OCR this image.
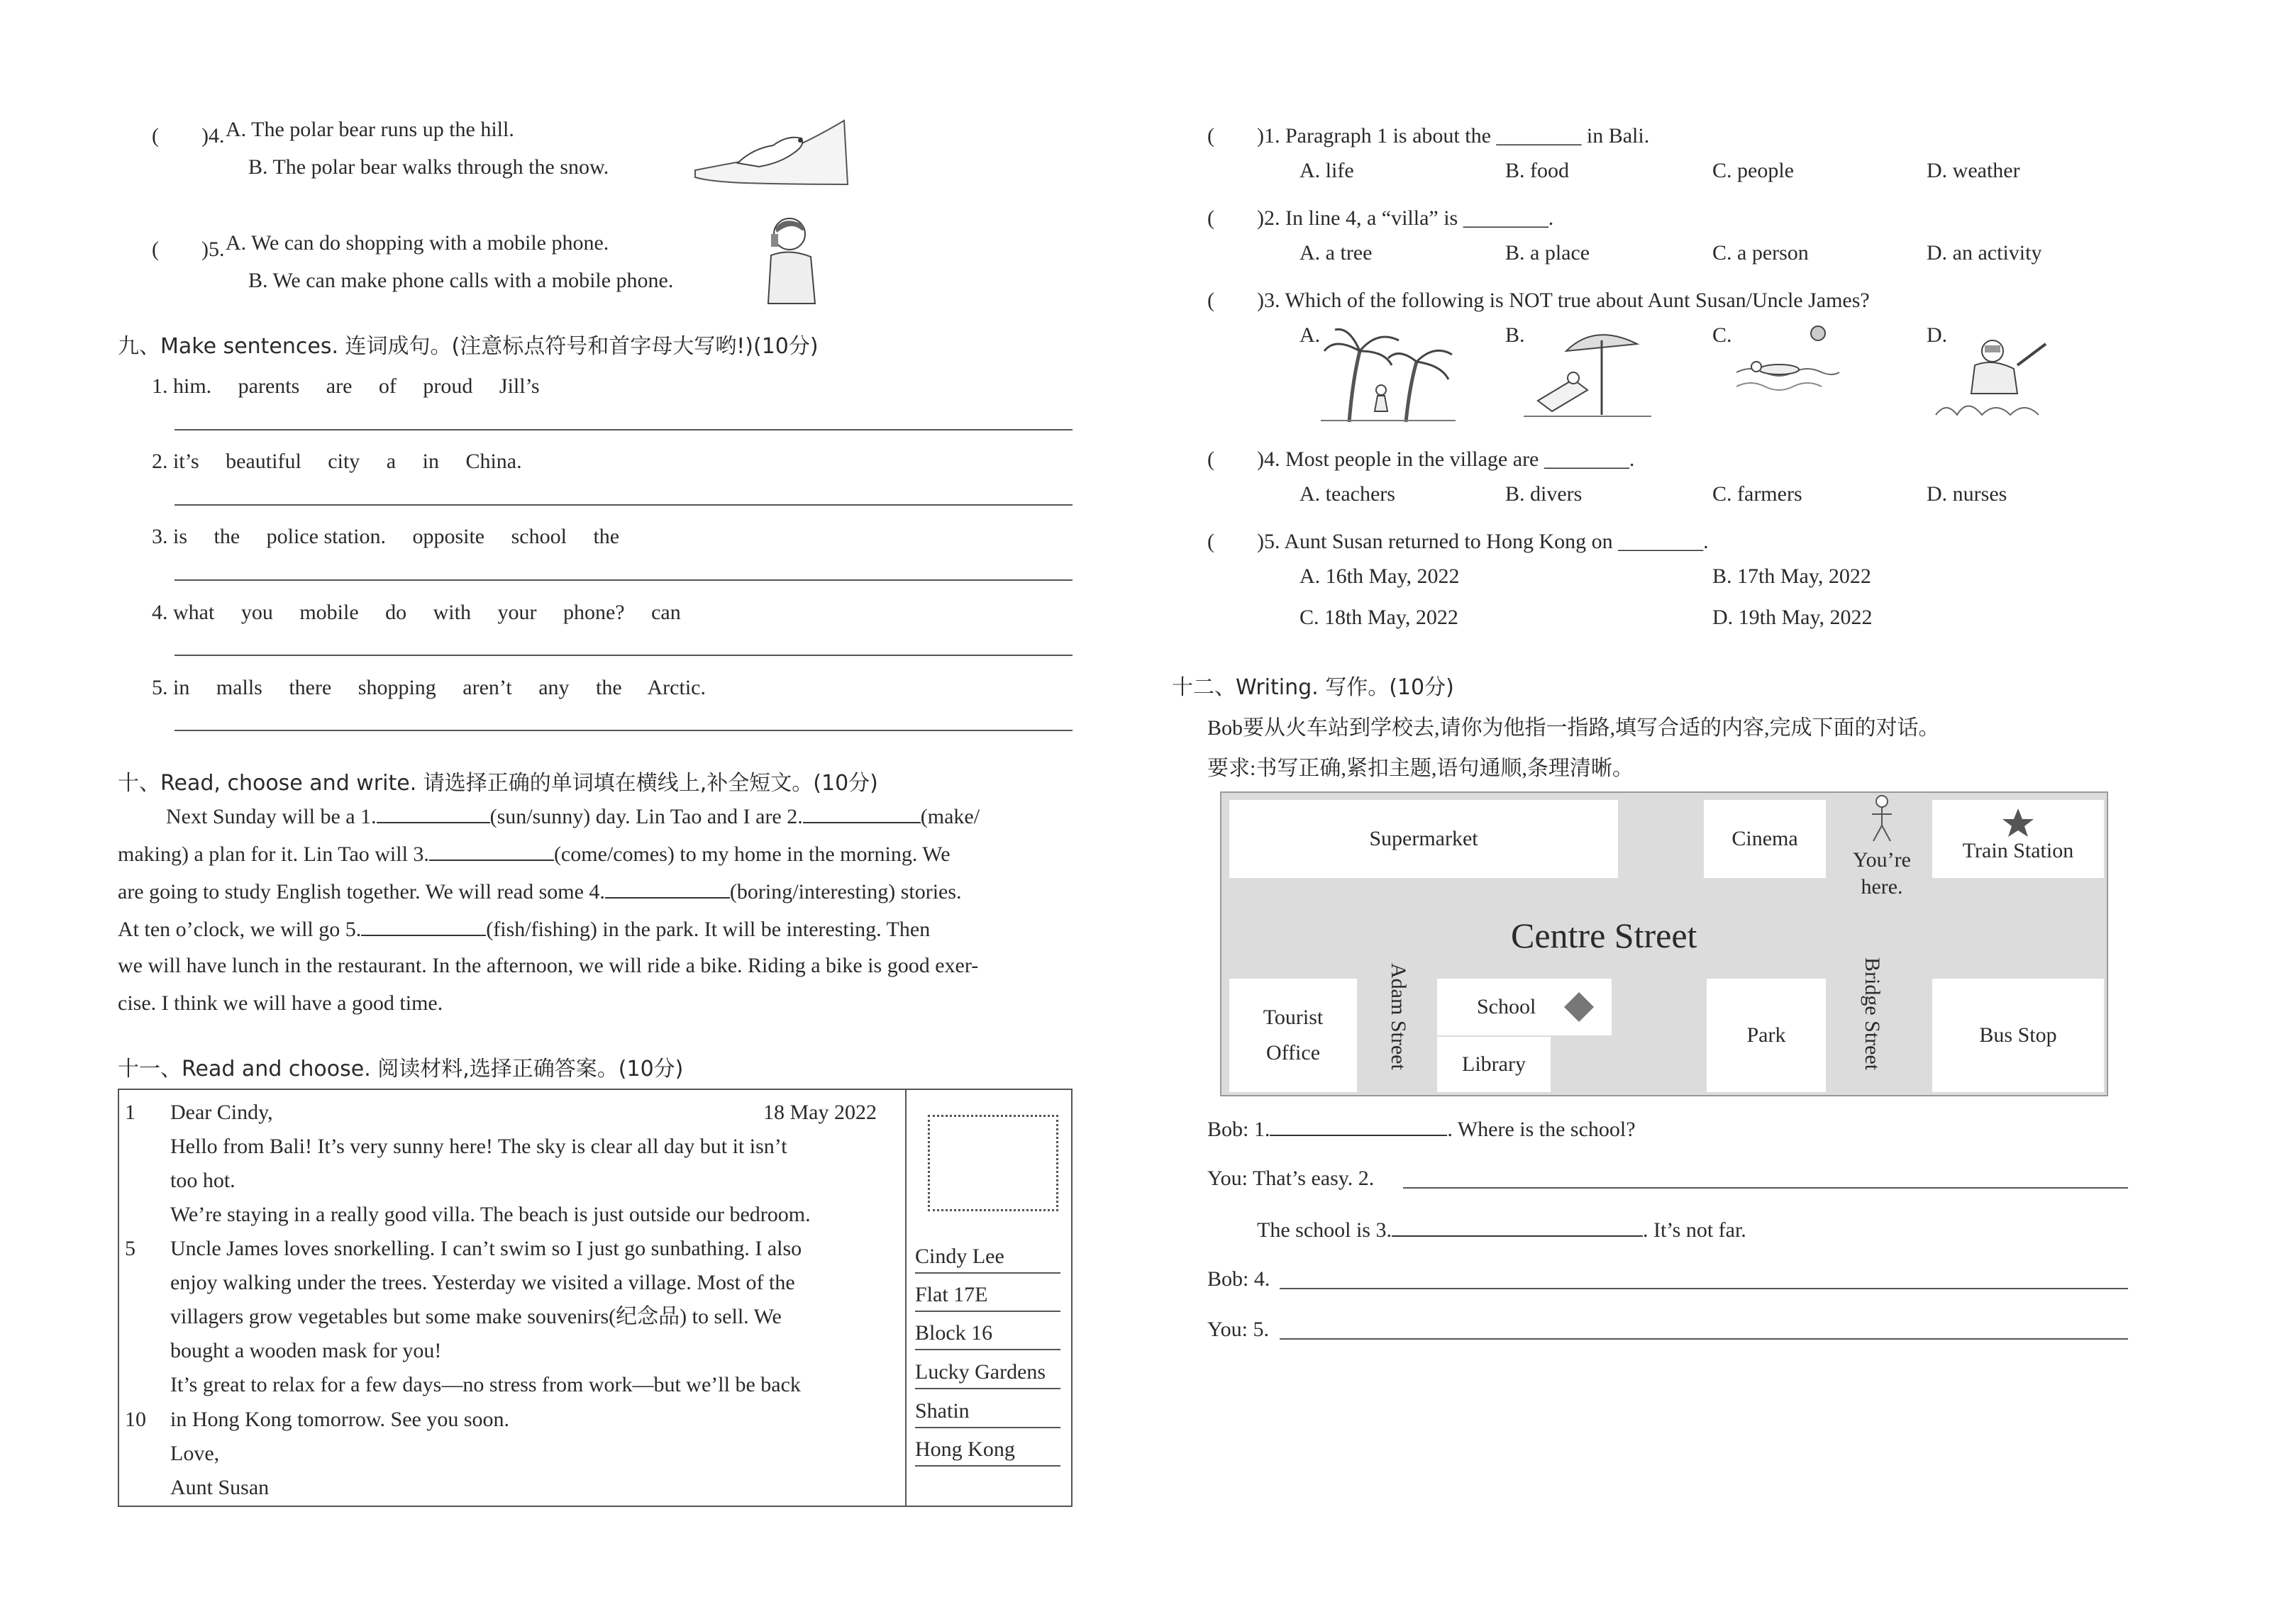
(　　)4. A. The polar bear runs up the hill.
B. The polar bear walks through the snow.
(　　)5. A. We can do shopping with a mobile phone.
B. We can make phone calls with a mobile phone.
九、Make sentences. 连词成句。(注意标点符号和首字母大写哟!)(10分)
1. him.　 parents　 are　 of　 proud　 Jill’s
2. it’s　 beautiful　 city　 a　 in　 China.
3. is　 the　 police station.　 opposite　 school　 the
4. what　 you　 mobile　 do　 with　 your　 phone?　 can
5. in　 malls　 there　 shopping　 aren’t　 any　 the　 Arctic.
十、Read, choose and write. 请选择正确的单词填在横线上,补全短文。(10分)
Next Sunday will be a 1.	(sun/sunny) day. Lin Tao and I are 2.	(make/
making) a plan for it. Lin Tao will 3.	(come/comes) to my home in the morning. We
are going to study English together. We will read some 4.	(boring/interesting) stories.
At ten o’clock, we will go 5.	(fish/fishing) in the park. It will be interesting. Then
we will have lunch in the restaurant. In the afternoon, we will ride a bike. Riding a bike is good exer-
cise. I think we will have a good time.
十一、Read and choose. 阅读材料,选择正确答案。(10分)
1
5
10
Dear Cindy,	18 May 2022
Hello from Bali! It’s very sunny here! The sky is clear all day but it isn’t
too hot.
We’re staying in a really good villa. The beach is just outside our bedroom.
Uncle James loves snorkelling. I can’t swim so I just go sunbathing. I also
enjoy walking under the trees. Yesterday we visited a village. Most of the
villagers grow vegetables but some make souvenirs(纪念品) to sell. We
bought a wooden mask for you!
It’s great to relax for a few days—no stress from work—but we’ll be back
in Hong Kong tomorrow. See you soon.
Love,
Aunt Susan
Cindy Lee
Flat 17E
Block 16
Lucky Gardens
Shatin
Hong Kong
(　　)1. Paragraph 1 is about the ________ in Bali.
A. life	B. food	C. people	D. weather
(　　)2. In line 4, a “villa” is ________.
A. a tree	B. a place	C. a person	D. an activity
(　　)3. Which of the following is NOT true about Aunt Susan/Uncle James?
A.	B.	C.	D.
(　　)4. Most people in the village are ________.
A. teachers	B. divers	C. farmers	D. nurses
(　　)5. Aunt Susan returned to Hong Kong on ________.
A. 16th May, 2022	B. 17th May, 2022
C. 18th May, 2022	D. 19th May, 2022
十二、Writing. 写作。(10分)
Bob要从火车站到学校去,请你为他指一指路,填写合适的内容,完成下面的对话。
要求:书写正确,紧扣主题,语句通顺,条理清晰。
Supermarket	Cinema
You’re
here.
Train Station
Centre Street
Tourist
Office	Adam Street	School
Library
Park	Bridge Street	Bus Stop
Bob: 1.	. Where is the school?
You: That’s easy. 2.
The school is 3.	. It’s not far.
Bob: 4.
You: 5.
